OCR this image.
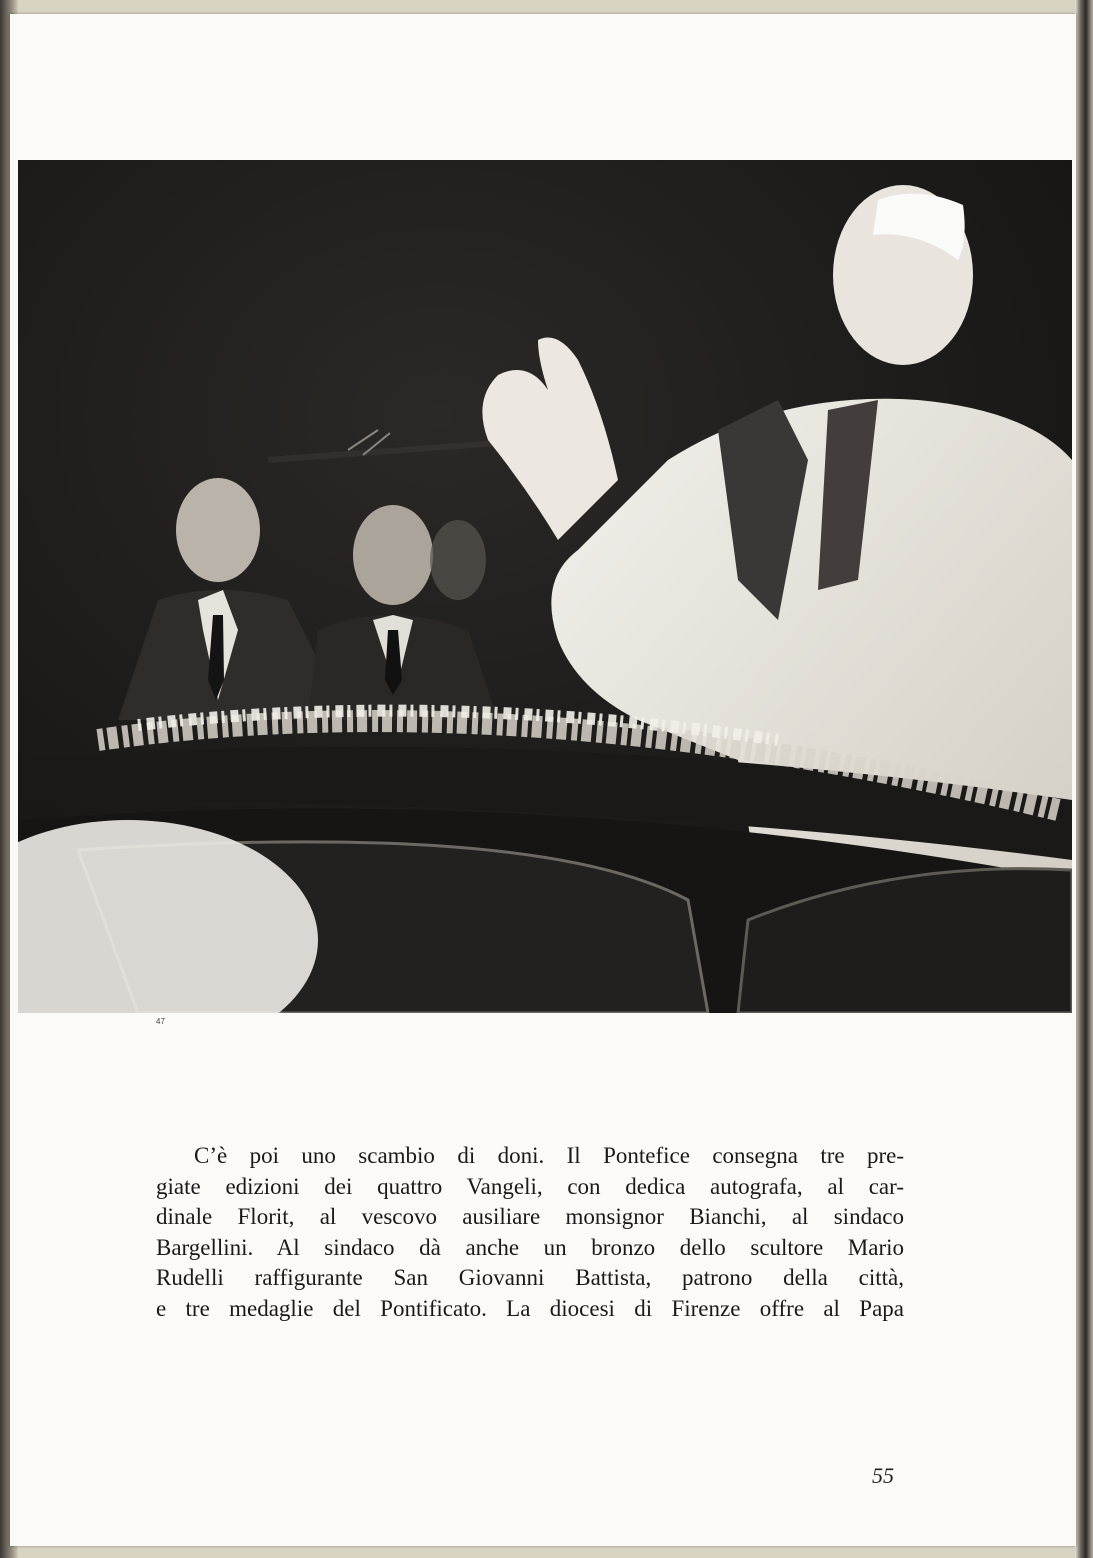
47
C’è poi uno scambio di doni. Il Pontefice consegna tre pre-
giate edizioni dei quattro Vangeli, con dedica autografa, al car-
dinale Florit, al vescovo ausiliare monsignor Bianchi, al sindaco
Bargellini. Al sindaco dà anche un bronzo dello scultore Mario
Rudelli raffigurante San Giovanni Battista, patrono della città,
e tre medaglie del Pontificato. La diocesi di Firenze offre al Papa
55
